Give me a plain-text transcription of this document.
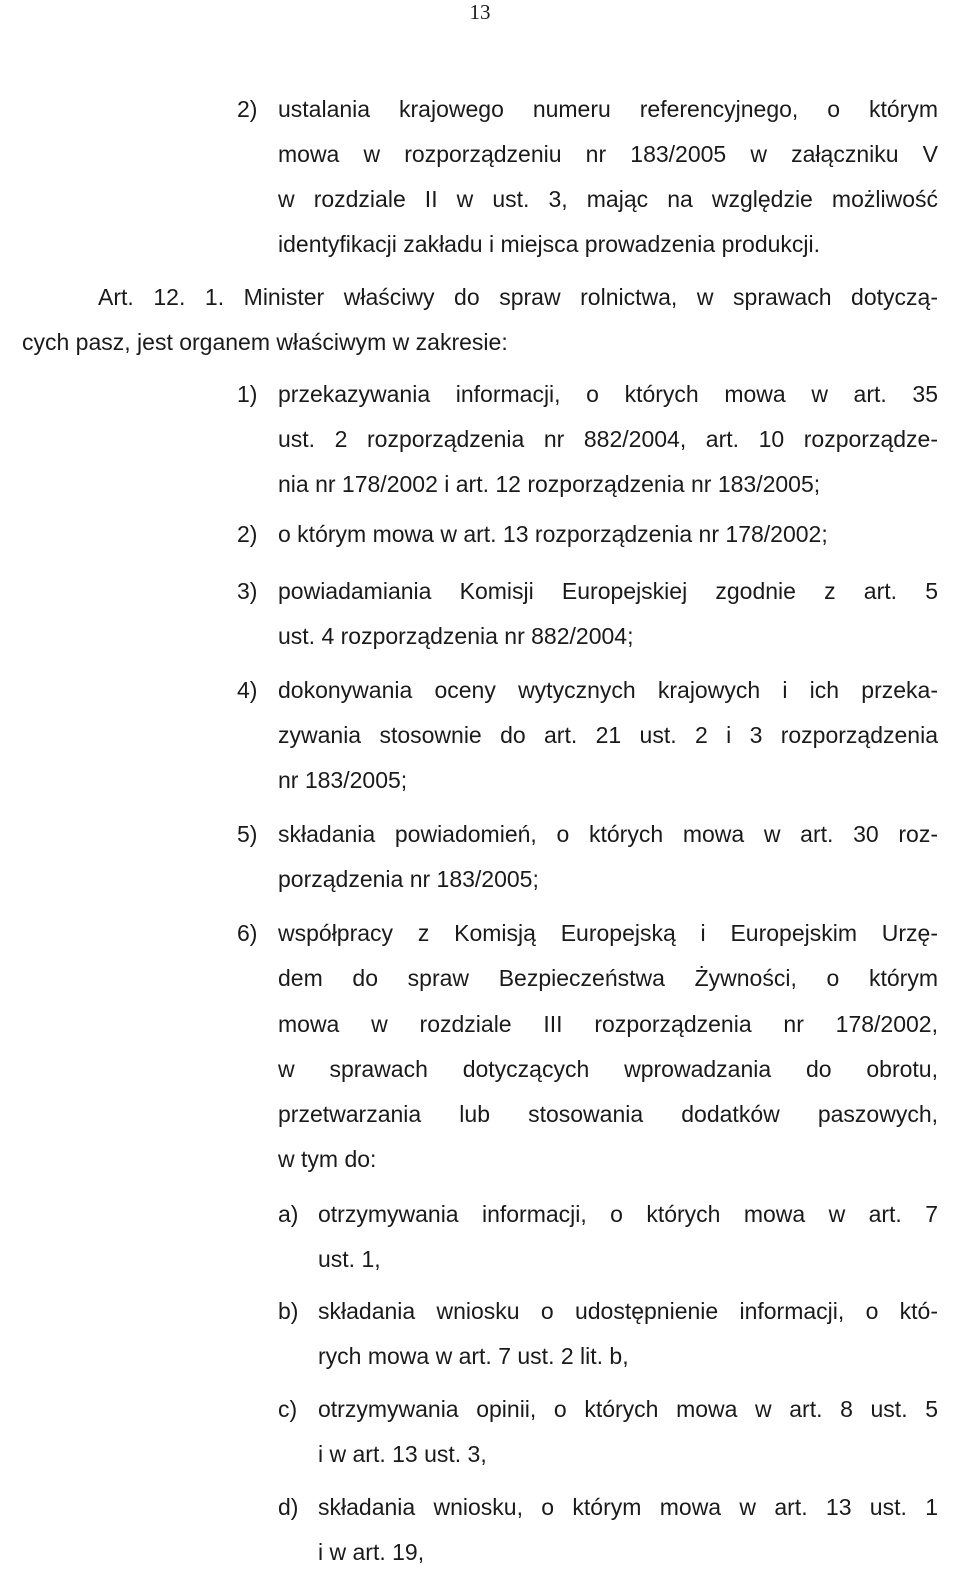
13
2) ustalania krajowego numeru referencyjnego, o którym
mowa w rozporządzeniu nr 183/2005 w załączniku V
w rozdziale II w ust. 3, mając na względzie możliwość
identyfikacji zakładu i miejsca prowadzenia produkcji.
Art. 12. 1. Minister właściwy do spraw rolnictwa, w sprawach dotyczą-
cych pasz, jest organem właściwym w zakresie:
1) przekazywania informacji, o których mowa w art. 35
ust. 2 rozporządzenia nr 882/2004, art. 10 rozporządze-
nia nr 178/2002 i art. 12 rozporządzenia nr 183/2005;
2) o którym mowa w art. 13 rozporządzenia nr 178/2002;
3) powiadamiania Komisji Europejskiej zgodnie z art. 5
ust. 4 rozporządzenia nr 882/2004;
4) dokonywania oceny wytycznych krajowych i ich przeka-
zywania stosownie do art. 21 ust. 2 i 3 rozporządzenia
nr 183/2005;
5) składania powiadomień, o których mowa w art. 30 roz-
porządzenia nr 183/2005;
6) współpracy z Komisją Europejską i Europejskim Urzę-
dem do spraw Bezpieczeństwa Żywności, o którym
mowa w rozdziale III rozporządzenia nr 178/2002,
w sprawach dotyczących wprowadzania do obrotu,
przetwarzania lub stosowania dodatków paszowych,
w tym do:
a) otrzymywania informacji, o których mowa w art. 7
ust. 1,
b) składania wniosku o udostępnienie informacji, o któ-
rych mowa w art. 7 ust. 2 lit. b,
c) otrzymywania opinii, o których mowa w art. 8 ust. 5
i w art. 13 ust. 3,
d) składania wniosku, o którym mowa w art. 13 ust. 1
i w art. 19,
